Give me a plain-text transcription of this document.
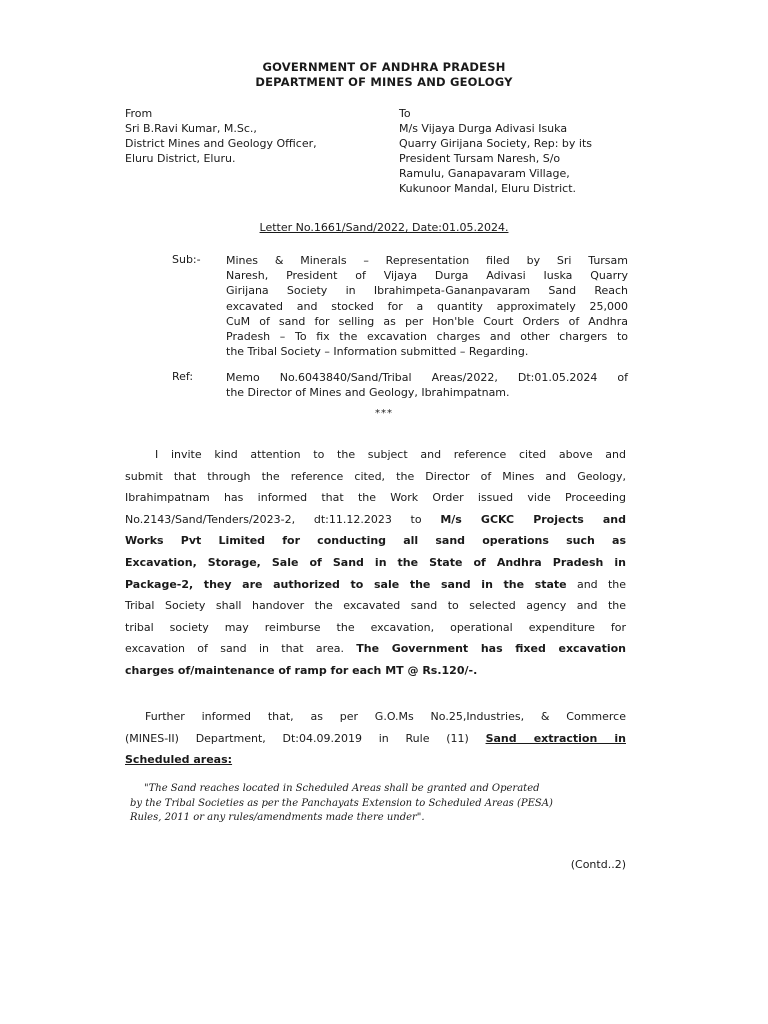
GOVERNMENT OF ANDHRA PRADESH
DEPARTMENT OF MINES AND GEOLOGY
From
Sri B.Ravi Kumar, M.Sc.,
District Mines and Geology Officer,
Eluru District, Eluru.
To
M/s Vijaya Durga Adivasi Isuka
Quarry Girijana Society, Rep: by its
President Tursam Naresh, S/o
Ramulu, Ganapavaram Village,
Kukunoor Mandal, Eluru District.
Letter No.1661/Sand/2022, Date:01.05.2024.
Sub:- Mines & Minerals – Representation filed by Sri Tursam
Naresh, President of Vijaya Durga Adivasi Iuska Quarry
Girijana Society in Ibrahimpeta-Gananpavaram Sand Reach
excavated and stocked for a quantity approximately 25,000
CuM of sand for selling as per Hon'ble Court Orders of Andhra
Pradesh – To fix the excavation charges and other chargers to
the Tribal Society – Information submitted – Regarding.
Ref:	Memo No.6043840/Sand/Tribal Areas/2022, Dt:01.05.2024 of
the Director of Mines and Geology, Ibrahimpatnam.
***
I invite kind attention to the subject and reference cited above and
submit that through the reference cited, the Director of Mines and Geology,
Ibrahimpatnam has informed that the Work Order issued vide Proceeding
No.2143/Sand/Tenders/2023-2, dt:11.12.2023 to M/s GCKC Projects and
Works Pvt Limited for conducting all sand operations such as
Excavation, Storage, Sale of Sand in the State of Andhra Pradesh in
Package-2, they are authorized to sale the sand in the state and the
Tribal Society shall handover the excavated sand to selected agency and the
tribal society may reimburse the excavation, operational expenditure for
excavation of sand in that area. The Government has fixed excavation
charges of/maintenance of ramp for each MT @ Rs.120/-.
Further informed that, as per G.O.Ms No.25,Industries, & Commerce
(MINES-II) Department, Dt:04.09.2019 in Rule (11) Sand extraction in
Scheduled areas:
"The Sand reaches located in Scheduled Areas shall be granted and Operated
by the Tribal Societies as per the Panchayats Extension to Scheduled Areas (PESA)
Rules, 2011 or any rules/amendments made there under".
(Contd..2)
